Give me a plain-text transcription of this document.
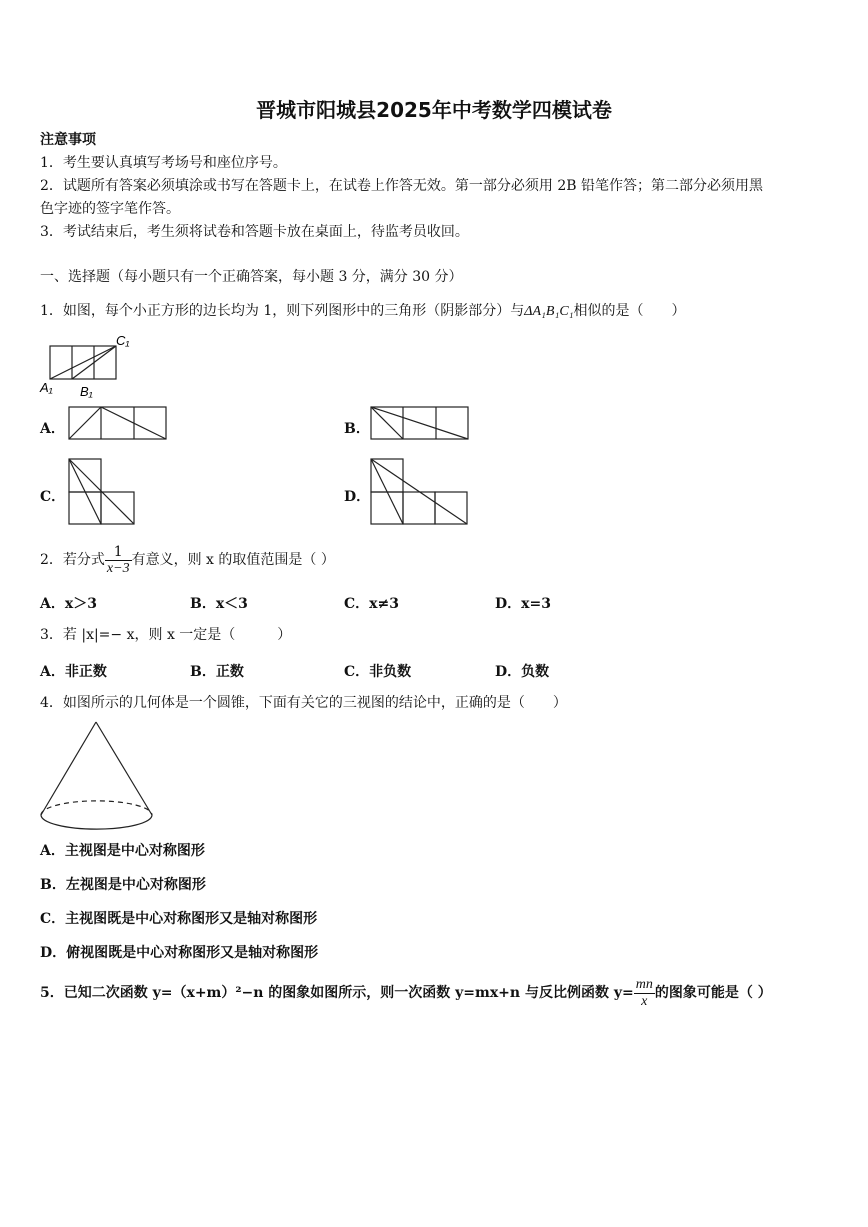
晋城市阳城县2025年中考数学四模试卷
注意事项
1．考生要认真填写考场号和座位序号。
2．试题所有答案必须填涂或书写在答题卡上，在试卷上作答无效。第一部分必须用 2B 铅笔作答；第二部分必须用黑
色字迹的签字笔作答。
3．考试结束后，考生须将试卷和答题卡放在桌面上，待监考员收回。
一、选择题（每小题只有一个正确答案，每小题 3 分，满分 30 分）
1．如图，每个小正方形的边长均为 1，则下列图形中的三角形（阴影部分）与ΔA₁B₁C₁相似的是（　　）
C₁
A₁ B₁
A．	B．
C．	D．
2．若分式 $\frac{1}{x-3}$ 有意义，则 x 的取值范围是（ ）
A．x＞3	B．x＜3	C．x≠3	D．x=3
3．若 |x|=− x，则 x 一定是（　　　）
A．非正数	B．正数	C．非负数	D．负数
4．如图所示的几何体是一个圆锥，下面有关它的三视图的结论中，正确的是（　　）
A．主视图是中心对称图形
B．左视图是中心对称图形
C．主视图既是中心对称图形又是轴对称图形
D．俯视图既是中心对称图形又是轴对称图形
5．已知二次函数 y=（x+m）²−n 的图象如图所示，则一次函数 y=mx+n 与反比例函数 $y= \frac{mn}{x}$ 的图象可能是（ ）
